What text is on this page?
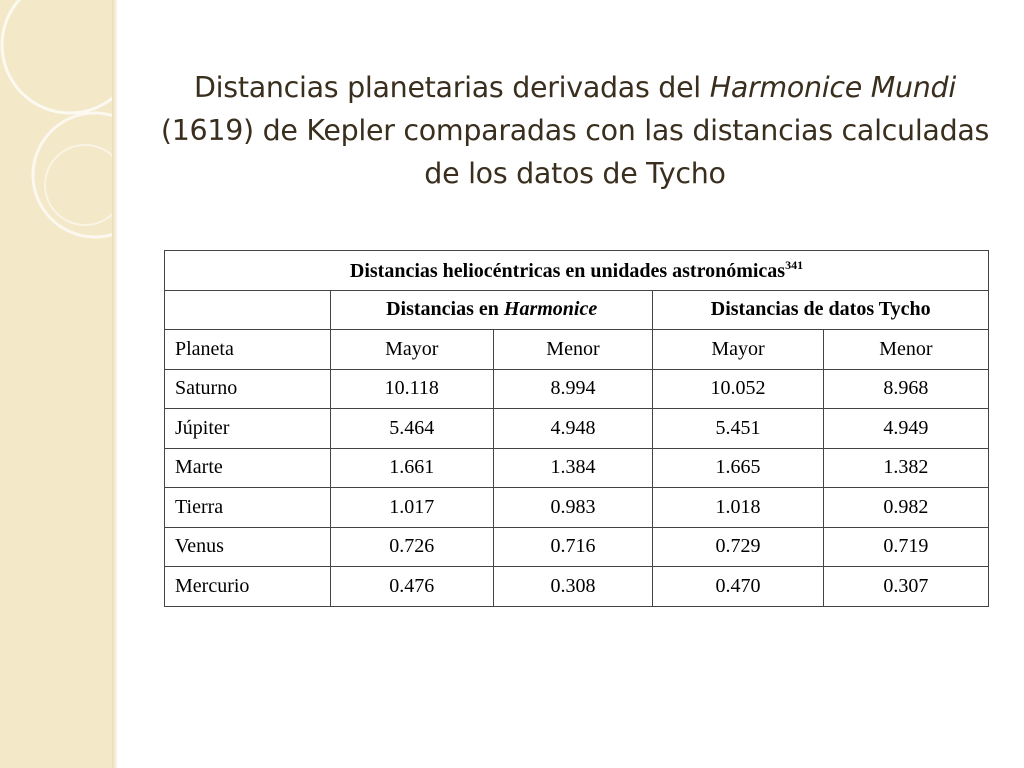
Distancias planetarias derivadas del Harmonice Mundi (1619) de Kepler comparadas con las distancias calculadas de los datos de Tycho
Distancias heliocéntricas en unidades astronómicas$^{341}$
	Distancias en Harmonice		Distancias de datos Tycho	
Planeta	Mayor	Menor	Mayor	Menor
Saturno	10.118	8.994	10.052	8.968
Júpiter	5.464	4.948	5.451	4.949
Marte	1.661	1.384	1.665	1.382
Tierra	1.017	0.983	1.018	0.982
Venus	0.726	0.716	0.729	0.719
Mercurio	0.476	0.308	0.470	0.307
